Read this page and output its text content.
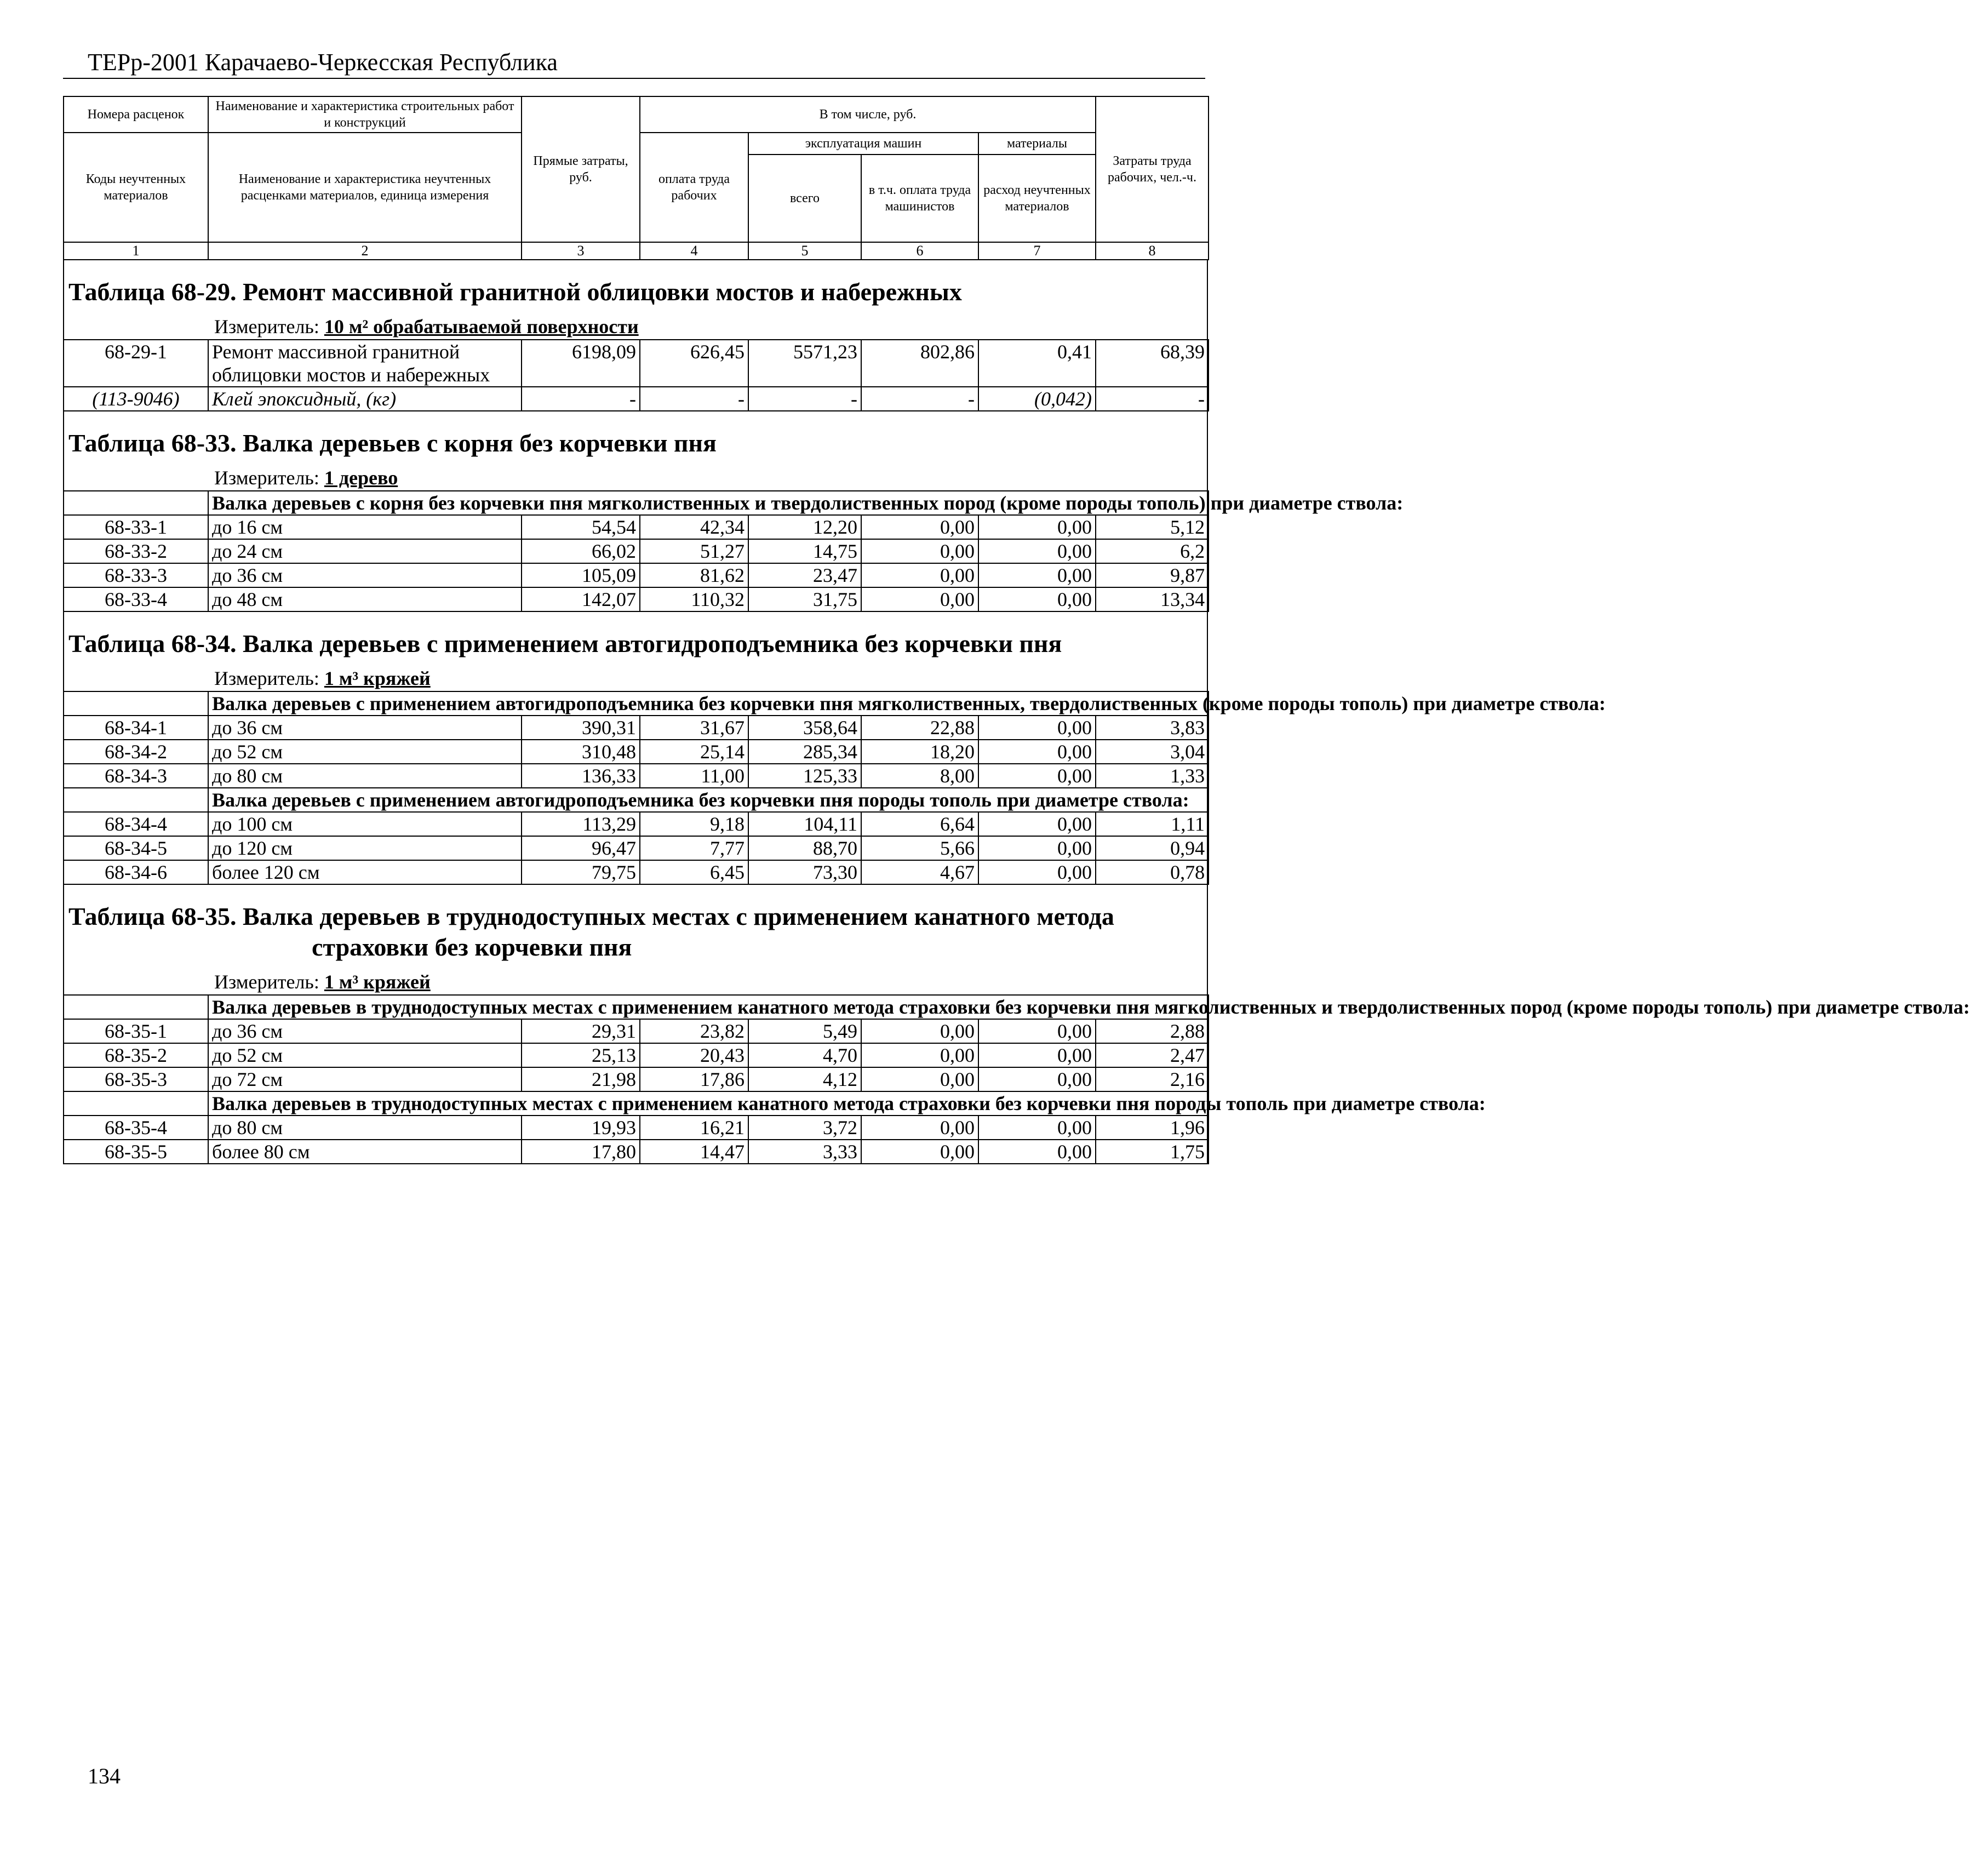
ТЕРр-2001 Карачаево-Черкесская Республика
Номера расценок	Наименование и характеристика строительных работ и конструкций	Прямые затраты, руб.	В том числе, руб.				Затраты труда рабочих, чел.-ч.
Коды неучтенных материалов	Наименование и характеристика неучтенных расценками материалов, единица измерения		оплата труда рабочих	эксплуатация машин		материалы	
				всего	в т.ч. оплата труда машинистов	расход неучтенных материалов	

1	2	3	4	5	6	7	8
Таблица 68-29. Ремонт массивной гранитной облицовки мостов и набережных
Измеритель: 10 м² обрабатываемой поверхности
68-29-1	Ремонт массивной гранитной облицовки мостов и набережных	6198,09	626,45	5571,23	802,86	0,41	68,39
(113-9046)	Клей эпоксидный, (кг)	-	-	-	-	(0,042)	-
Таблица 68-33. Валка деревьев с корня без корчевки пня
Измеритель: 1 дерево
	Валка деревьев с корня без корчевки пня мягколиственных и твердолиственных пород (кроме породы тополь) при диаметре ствола:						
68-33-1	до 16 см	54,54	42,34	12,20	0,00	0,00	5,12
68-33-2	до 24 см	66,02	51,27	14,75	0,00	0,00	6,2
68-33-3	до 36 см	105,09	81,62	23,47	0,00	0,00	9,87
68-33-4	до 48 см	142,07	110,32	31,75	0,00	0,00	13,34
Таблица 68-34. Валка деревьев с применением автогидроподъемника без корчевки пня
Измеритель: 1 м³ кряжей
	Валка деревьев с применением автогидроподъемника без корчевки пня мягколиственных, твердолиственных (кроме породы тополь) при диаметре ствола:						
68-34-1	до 36 см	390,31	31,67	358,64	22,88	0,00	3,83
68-34-2	до 52 см	310,48	25,14	285,34	18,20	0,00	3,04
68-34-3	до 80 см	136,33	11,00	125,33	8,00	0,00	1,33
	Валка деревьев с применением автогидроподъемника без корчевки пня породы тополь при диаметре ствола:						
68-34-4	до 100 см	113,29	9,18	104,11	6,64	0,00	1,11
68-34-5	до 120 см	96,47	7,77	88,70	5,66	0,00	0,94
68-34-6	более 120 см	79,75	6,45	73,30	4,67	0,00	0,78
Таблица 68-35. Валка деревьев в труднодоступных местах с применением канатного метода
страховки без корчевки пня
Измеритель: 1 м³ кряжей
	Валка деревьев в труднодоступных местах с применением канатного метода страховки без корчевки пня мягколиственных и твердолиственных пород (кроме породы тополь) при диаметре ствола:						
68-35-1	до 36 см	29,31	23,82	5,49	0,00	0,00	2,88
68-35-2	до 52 см	25,13	20,43	4,70	0,00	0,00	2,47
68-35-3	до 72 см	21,98	17,86	4,12	0,00	0,00	2,16
	Валка деревьев в труднодоступных местах с применением канатного метода страховки без корчевки пня породы тополь при диаметре ствола:						
68-35-4	до 80 см	19,93	16,21	3,72	0,00	0,00	1,96
68-35-5	более 80 см	17,80	14,47	3,33	0,00	0,00	1,75
134
